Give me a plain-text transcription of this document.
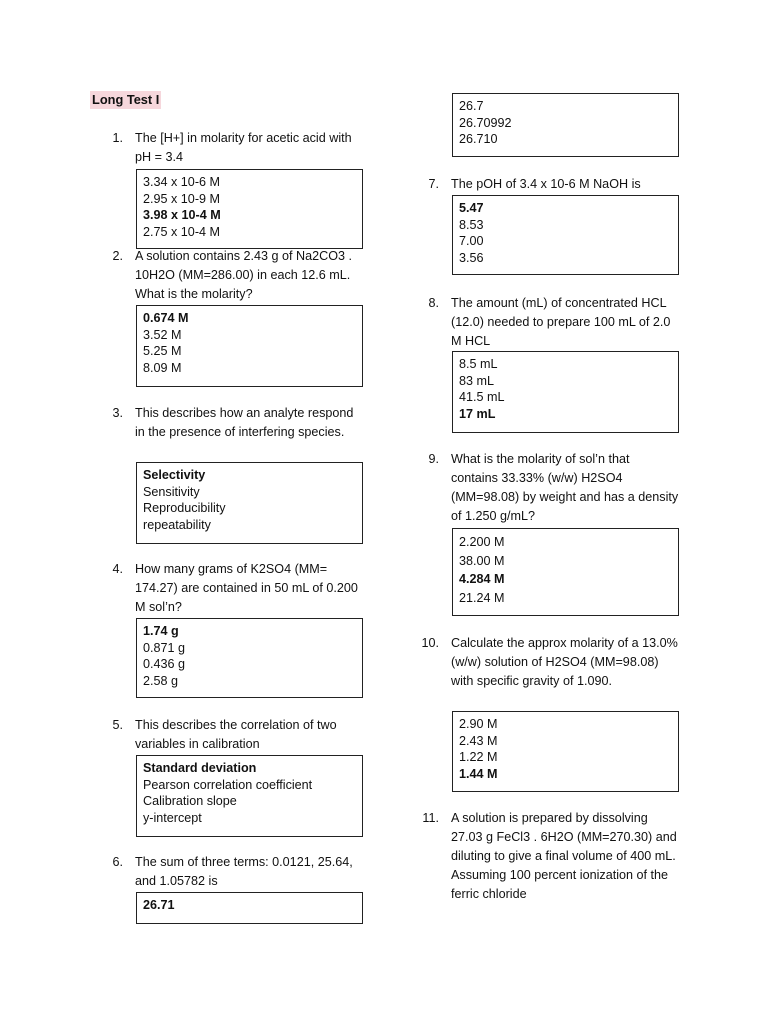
Long Test I
1. The [H+] in molarity for acetic acid with pH = 3.4
3.34 x 10-6 M
2.95 x 10-9 M
3.98 x 10-4 M
2.75 x 10-4 M
2. A solution contains 2.43 g of Na2CO3 . 10H2O (MM=286.00) in each 12.6 mL. What is the molarity?
0.674 M
3.52 M
5.25 M
8.09 M
3. This describes how an analyte respond in the presence of interfering species.
Selectivity
Sensitivity
Reproducibility
repeatability
4. How many grams of K2SO4 (MM= 174.27) are contained in 50 mL of 0.200 M sol’n?
1.74 g
0.871 g
0.436 g
2.58 g
5. This describes the correlation of two variables in calibration
Standard deviation
Pearson correlation coefficient
Calibration slope
y-intercept
6. The sum of three terms: 0.0121, 25.64, and 1.05782 is
26.71
26.7
26.70992
26.710
7. The pOH of 3.4 x 10-6 M NaOH is
5.47
8.53
7.00
3.56
8. The amount (mL) of concentrated HCL (12.0) needed to prepare 100 mL of 2.0 M HCL
8.5 mL
83 mL
41.5 mL
17 mL
9. What is the molarity of sol’n that contains 33.33% (w/w) H2SO4 (MM=98.08) by weight and has a density of 1.250 g/mL?
2.200 M
38.00 M
4.284 M
21.24 M
10. Calculate the approx molarity of a 13.0% (w/w) solution of H2SO4 (MM=98.08) with specific gravity of 1.090.
2.90 M
2.43 M
1.22 M
1.44 M
11. A solution is prepared by dissolving 27.03 g FeCl3 . 6H2O (MM=270.30) and diluting to give a final volume of 400 mL. Assuming 100 percent ionization of the ferric chloride
